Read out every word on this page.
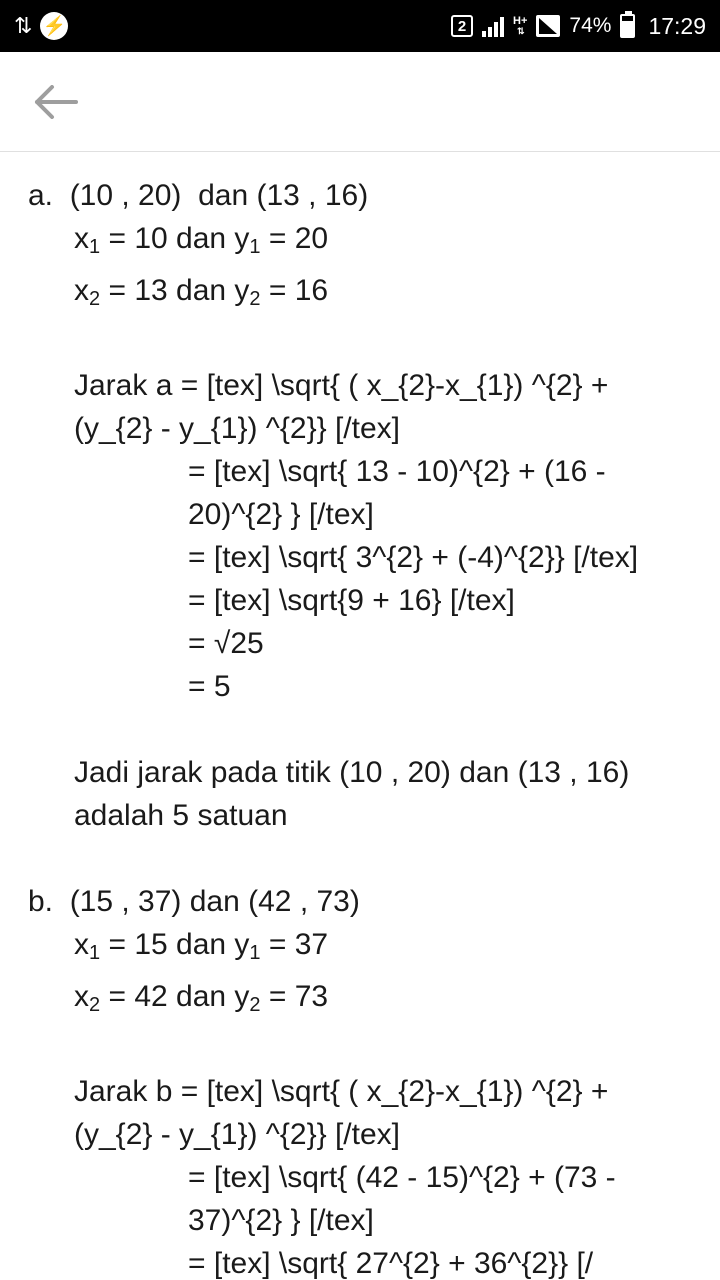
⇅ ⚡	2	H+
⇅ 74% 17:29
a.  (10 , 20)  dan (13 , 16)
$x_1 = 10$ dan $y_1 = 20$
$x_2 = 13$ dan $y_2 = 16$
Jarak a = [tex] \sqrt{ ( x_{2}-x_{1}) ^{2} + (y_{2} - y_{1}) ^{2}} [/tex]
= [tex] \sqrt{ 13 - 10)^{2} + (16 - 20)^{2} } [/tex]
= [tex] \sqrt{ 3^{2} + (-4)^{2}} [/tex]
= [tex] \sqrt{9 + 16} [/tex]
= √25
= 5
Jadi jarak pada titik (10 , 20) dan (13 , 16) adalah 5 satuan
b.  (15 , 37) dan (42 , 73)
$x_1 = 15$ dan $y_1 = 37$
$x_2 = 42$ dan $y_2 = 73$
Jarak b = [tex] \sqrt{ ( x_{2}-x_{1}) ^{2} + (y_{2} - y_{1}) ^{2}} [/tex]
= [tex] \sqrt{ (42 - 15)^{2} + (73 - 37)^{2} } [/tex]
= [tex] \sqrt{ 27^{2} + 36^{2}} [/
